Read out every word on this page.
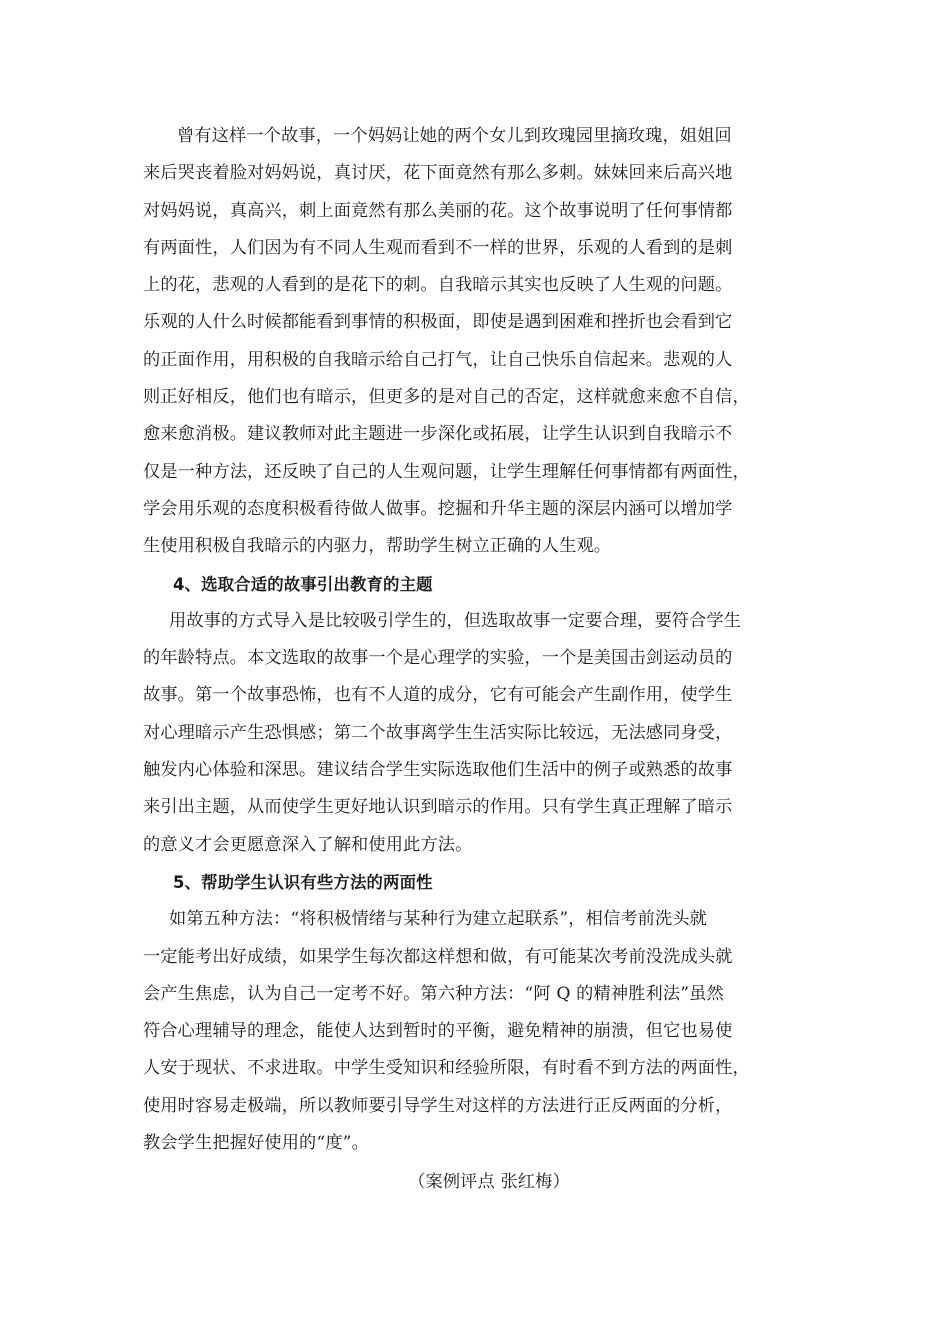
曾有这样一个故事，一个妈妈让她的两个女儿到玫瑰园里摘玫瑰，姐姐回
来后哭丧着脸对妈妈说，真讨厌，花下面竟然有那么多刺。妹妹回来后高兴地
对妈妈说，真高兴，刺上面竟然有那么美丽的花。这个故事说明了任何事情都
有两面性，人们因为有不同人生观而看到不一样的世界，乐观的人看到的是刺
上的花，悲观的人看到的是花下的刺。自我暗示其实也反映了人生观的问题。
乐观的人什么时候都能看到事情的积极面，即使是遇到困难和挫折也会看到它
的正面作用，用积极的自我暗示给自己打气，让自己快乐自信起来。悲观的人
则正好相反，他们也有暗示，但更多的是对自己的否定，这样就愈来愈不自信，
愈来愈消极。建议教师对此主题进一步深化或拓展，让学生认识到自我暗示不
仅是一种方法，还反映了自己的人生观问题，让学生理解任何事情都有两面性，
学会用乐观的态度积极看待做人做事。挖掘和升华主题的深层内涵可以增加学
生使用积极自我暗示的内驱力，帮助学生树立正确的人生观。
4、选取合适的故事引出教育的主题
用故事的方式导入是比较吸引学生的，但选取故事一定要合理，要符合学生
的年龄特点。本文选取的故事一个是心理学的实验，一个是美国击剑运动员的
故事。第一个故事恐怖，也有不人道的成分，它有可能会产生副作用，使学生
对心理暗示产生恐惧感；第二个故事离学生生活实际比较远，无法感同身受，
触发内心体验和深思。建议结合学生实际选取他们生活中的例子或熟悉的故事
来引出主题，从而使学生更好地认识到暗示的作用。只有学生真正理解了暗示
的意义才会更愿意深入了解和使用此方法。
5、帮助学生认识有些方法的两面性
如第五种方法：“将积极情绪与某种行为建立起联系”，相信考前洗头就
一定能考出好成绩，如果学生每次都这样想和做，有可能某次考前没洗成头就
会产生焦虑，认为自己一定考不好。第六种方法：“阿 Q 的精神胜利法”虽然
符合心理辅导的理念，能使人达到暂时的平衡，避免精神的崩溃，但它也易使
人安于现状、不求进取。中学生受知识和经验所限，有时看不到方法的两面性，
使用时容易走极端，所以教师要引导学生对这样的方法进行正反两面的分析，
教会学生把握好使用的“度”。
（案例评点 张红梅）
